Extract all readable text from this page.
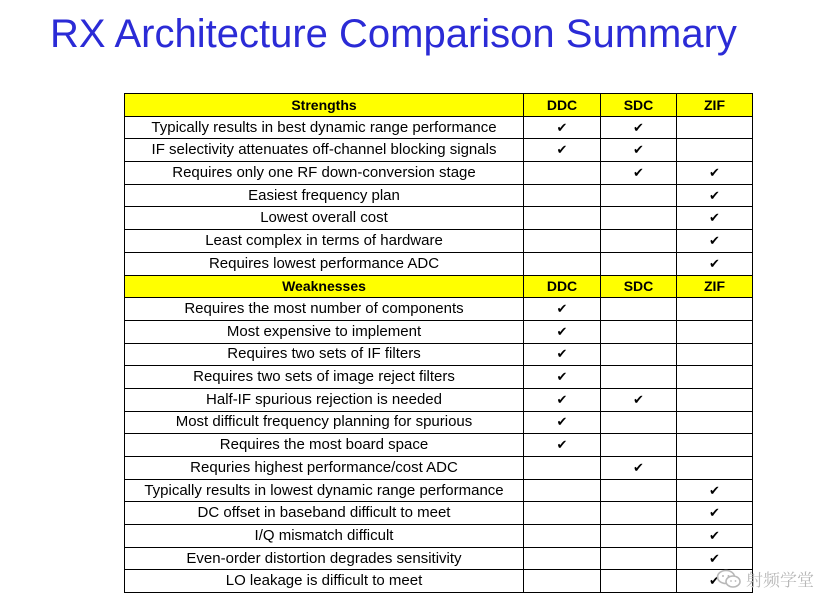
RX Architecture Comparison Summary
Strengths	DDC	SDC	ZIF
Typically results in best dynamic range performance	✔	✔	
IF selectivity attenuates off-channel blocking signals	✔	✔	
Requires only one RF down-conversion stage		✔	✔
Easiest frequency plan			✔
Lowest overall cost			✔
Least complex in terms of hardware			✔
Requires lowest performance ADC			✔
Weaknesses	DDC	SDC	ZIF
Requires the most number of components	✔		
Most expensive to implement	✔		
Requires two sets of IF filters	✔		
Requires two sets of image reject filters	✔		
Half-IF spurious rejection is needed	✔	✔	
Most difficult frequency planning for spurious	✔		
Requires the most board space	✔		
Requries highest performance/cost ADC		✔	
Typically results in lowest dynamic range performance			✔
DC offset in baseband difficult to meet			✔
I/Q mismatch difficult			✔
Even-order distortion degrades sensitivity			✔
LO leakage is difficult to meet			✔ 射频学堂
